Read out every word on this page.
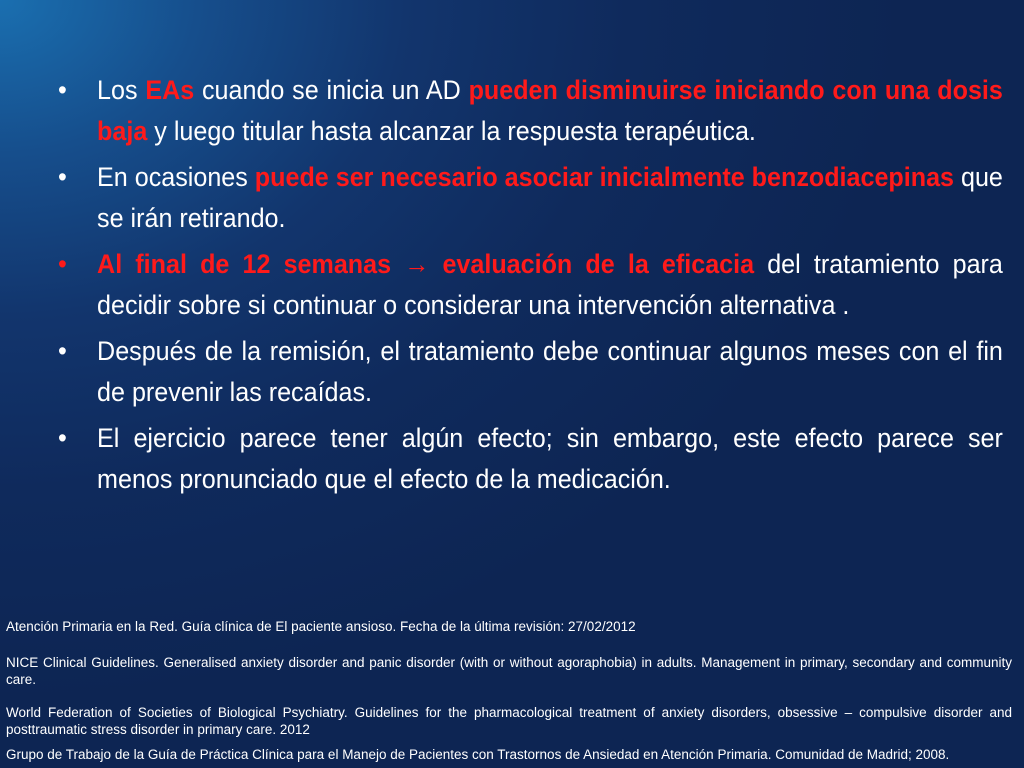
•	Los EAs cuando se inicia un AD pueden disminuirse iniciando con una dosis baja y luego titular hasta alcanzar la respuesta terapéutica.
•	En ocasiones puede ser necesario asociar inicialmente benzodiacepinas que se irán retirando.
•	Al final de 12 semanas → evaluación de la eficacia del tratamiento para decidir sobre si continuar o considerar una intervención alternativa .
•	Después de la remisión, el tratamiento debe continuar algunos meses con el fin de prevenir las recaídas.
•	El ejercicio parece tener algún efecto; sin embargo, este efecto parece ser menos pronunciado que el efecto de la medicación.

Atención Primaria en la Red. Guía clínica de El paciente ansioso. Fecha de la última revisión: 27/02/2012

NICE Clinical Guidelines. Generalised anxiety disorder and panic disorder (with or without agoraphobia) in adults. Management in primary, secondary and community care.

World Federation of Societies of Biological Psychiatry. Guidelines for the pharmacological treatment of anxiety disorders, obsessive – compulsive disorder and posttraumatic stress disorder in primary care. 2012

Grupo de Trabajo de la Guía de Práctica Clínica para el Manejo de Pacientes con Trastornos de Ansiedad en Atención Primaria. Comunidad de Madrid; 2008.
